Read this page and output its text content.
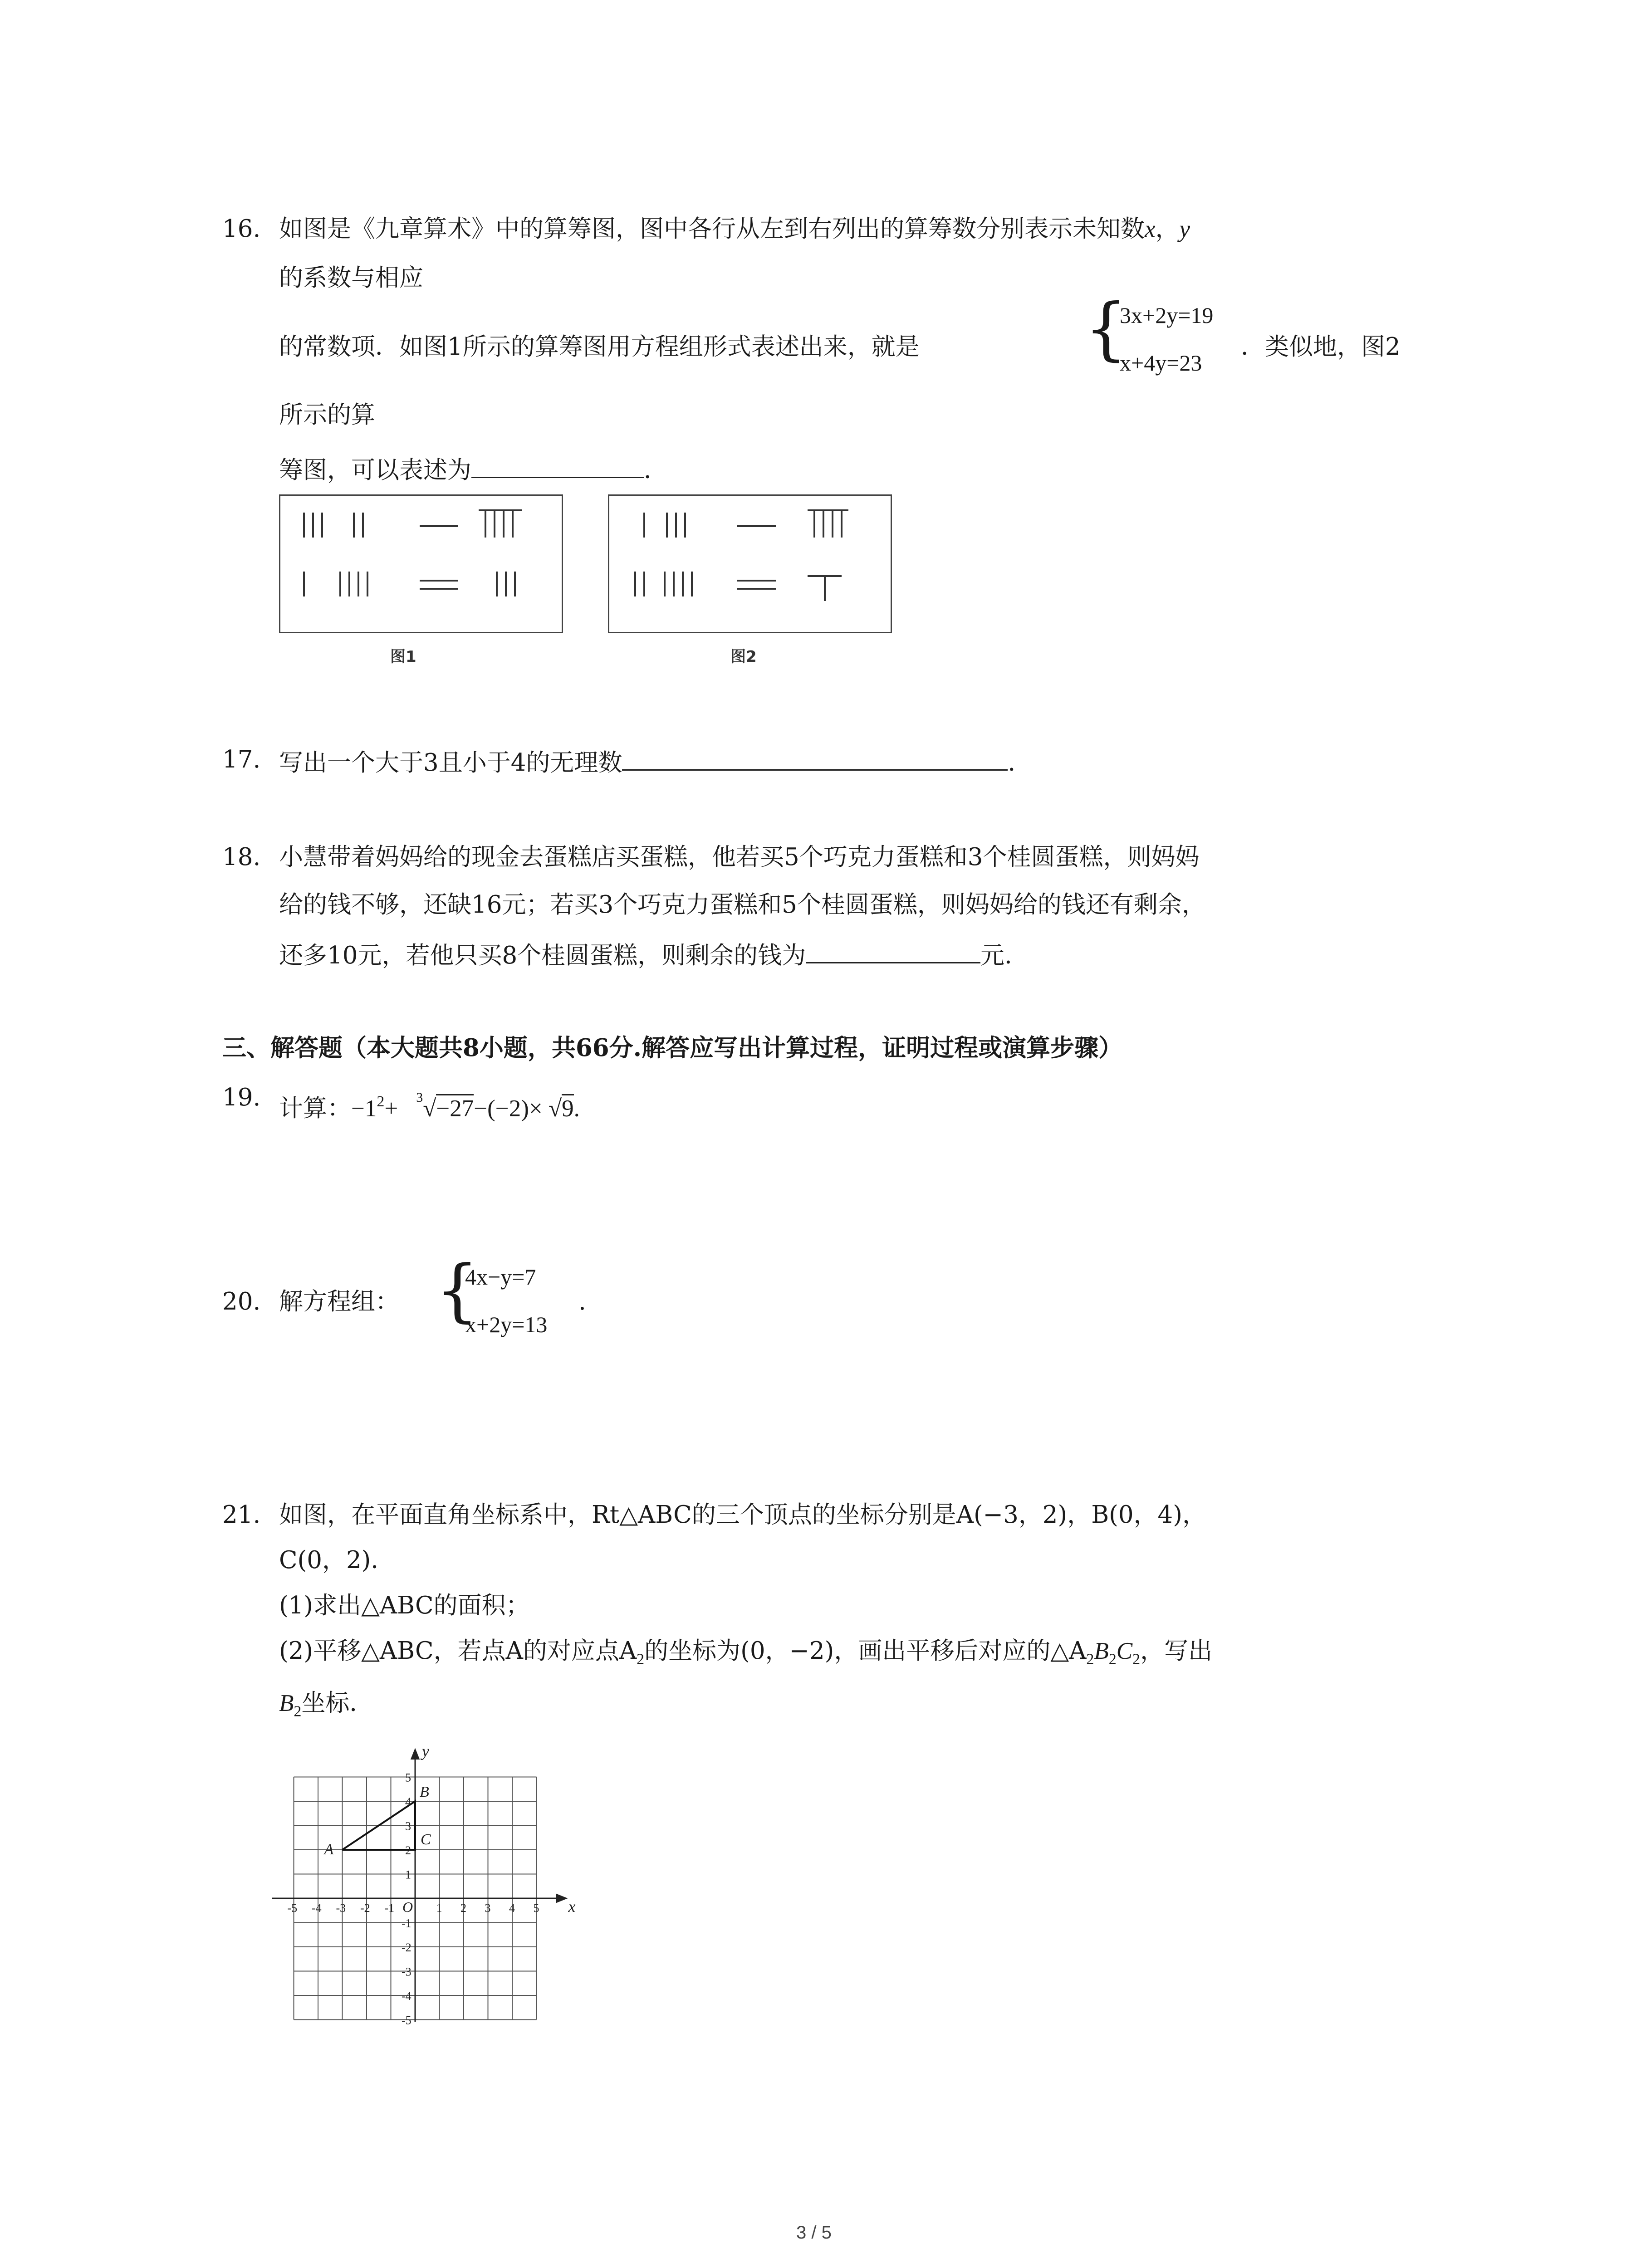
16. 如图是《九章算术》中的算筹图，图中各行从左到右列出的算筹数分别表示未知数x，y
的系数与相应
的常数项．如图1所示的算筹图用方程组形式表述出来，就是 {
3x+2y=19
x+4y=23
．类似地，图2
所示的算
筹图，可以表述为	．
图1	图2
17. 写出一个大于3且小于4的无理数	．
18. 小慧带着妈妈给的现金去蛋糕店买蛋糕，他若买5个巧克力蛋糕和3个桂圆蛋糕，则妈妈
给的钱不够，还缺16元；若买3个巧克力蛋糕和5个桂圆蛋糕，则妈妈给的钱还有剩余，
还多10元，若他只买8个桂圆蛋糕，则剩余的钱为	元．
三、解答题（本大题共8小题，共66分.解答应写出计算过程，证明过程或演算步骤）
19. 计算：$-1^2+ ^3√-27-(-2)\times √9$.
20. 解方程组： {
4x−y=7
x+2y=13
.
21. 如图，在平面直角坐标系中，Rt△ABC的三个顶点的坐标分别是A(−3，2)，B(0，4)，
C(0，2)．
(1)求出△ABC的面积；
(2)平移△ABC，若点A的对应点$A_2$的坐标为(0，−2)，画出平移后对应的$\triangle A_2B_2C_2$，写出
$B_2$坐标．
x
y
O
-5 -4 -3 -2 -1	1 2 3 4 5
5
4
3
2
1
-1
-2
-3
-4
-5
A
B
C
3 / 5
